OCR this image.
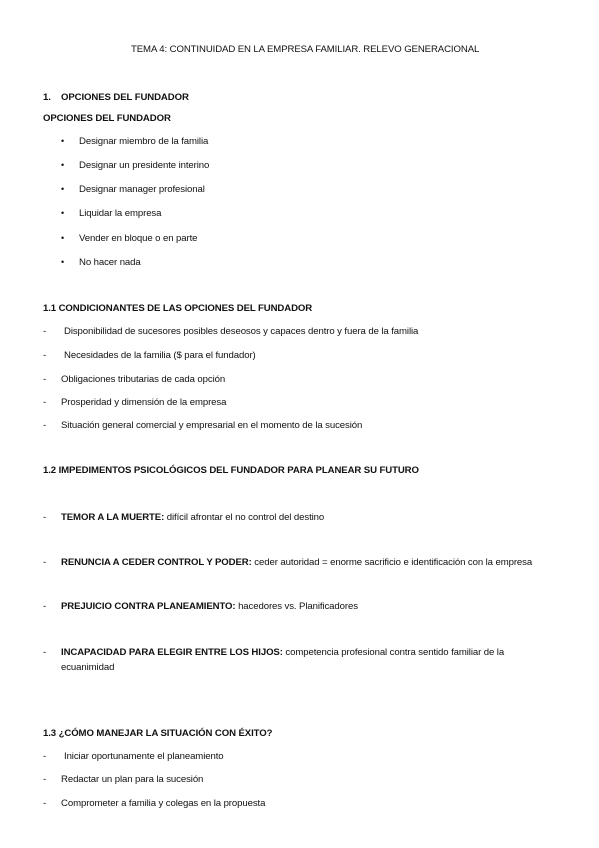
TEMA 4: CONTINUIDAD EN LA EMPRESA FAMILIAR. RELEVO GENERACIONAL
1. OPCIONES DEL FUNDADOR
OPCIONES DEL FUNDADOR
• Designar miembro de la familia
• Designar un presidente interino
• Designar manager profesional
• Liquidar la empresa
• Vender en bloque o en parte
• No hacer nada
1.1 CONDICIONANTES DE LAS OPCIONES DEL FUNDADOR
- Disponibilidad de sucesores posibles deseosos y capaces dentro y fuera de la familia
- Necesidades de la familia ($ para el fundador)
- Obligaciones tributarias de cada opción
- Prosperidad y dimensión de la empresa
- Situación general comercial y empresarial en el momento de la sucesión
1.2 IMPEDIMENTOS PSICOLÓGICOS DEL FUNDADOR PARA PLANEAR SU FUTURO
- TEMOR A LA MUERTE: difícil afrontar el no control del destino
- RENUNCIA A CEDER CONTROL Y PODER: ceder autoridad = enorme sacrificio e identificación con la empresa
- PREJUICIO CONTRA PLANEAMIENTO: hacedores vs. Planificadores
- INCAPACIDAD PARA ELEGIR ENTRE LOS HIJOS: competencia profesional contra sentido familiar de la
ecuanimidad
1.3 ¿CÓMO MANEJAR LA SITUACIÓN CON ÉXITO?
- Iniciar oportunamente el planeamiento
- Redactar un plan para la sucesión
- Comprometer a familia y colegas en la propuesta
